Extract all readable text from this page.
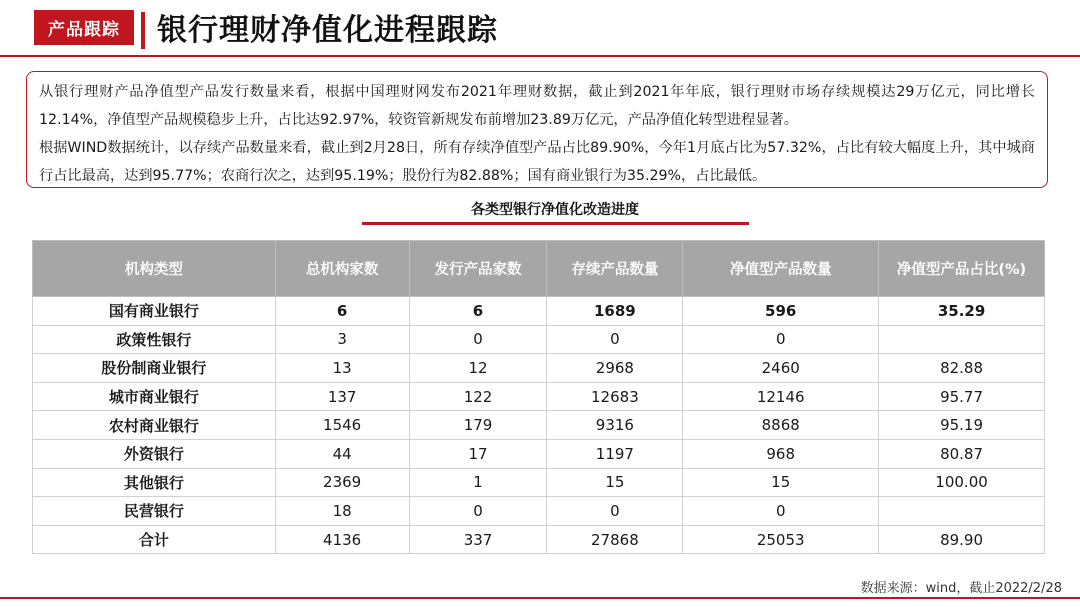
产品跟踪	银行理财净值化进程跟踪

从银行理财产品净值型产品发行数量来看，根据中国理财网发布2021年理财数据，截止到2021年年底，银行理财市场存续规模达29万亿元，同比增长12.14%，净值型产品规模稳步上升，占比达92.97%，较资管新规发布前增加23.89万亿元，产品净值化转型进程显著。

根据WIND数据统计，以存续产品数量来看，截止到2月28日，所有存续净值型产品占比89.90%，今年1月底占比为57.32%，占比有较大幅度上升，其中城商行占比最高，达到95.77%；农商行次之，达到95.19%；股份行为82.88%；国有商业银行为35.29%，占比最低。

各类型银行净值化改造进度
机构类型	总机构家数	发行产品家数	存续产品数量	净值型产品数量	净值型产品占比(%)
国有商业银行	6	6	1689	596	35.29
政策性银行	3	0	0	0	
股份制商业银行	13	12	2968	2460	82.88
城市商业银行	137	122	12683	12146	95.77
农村商业银行	1546	179	9316	8868	95.19
外资银行	44	17	1197	968	80.87
其他银行	2369	1	15	15	100.00
民营银行	18	0	0	0	
合计	4136	337	27868	25053	89.90
数据来源：wind，截止2022/2/28
